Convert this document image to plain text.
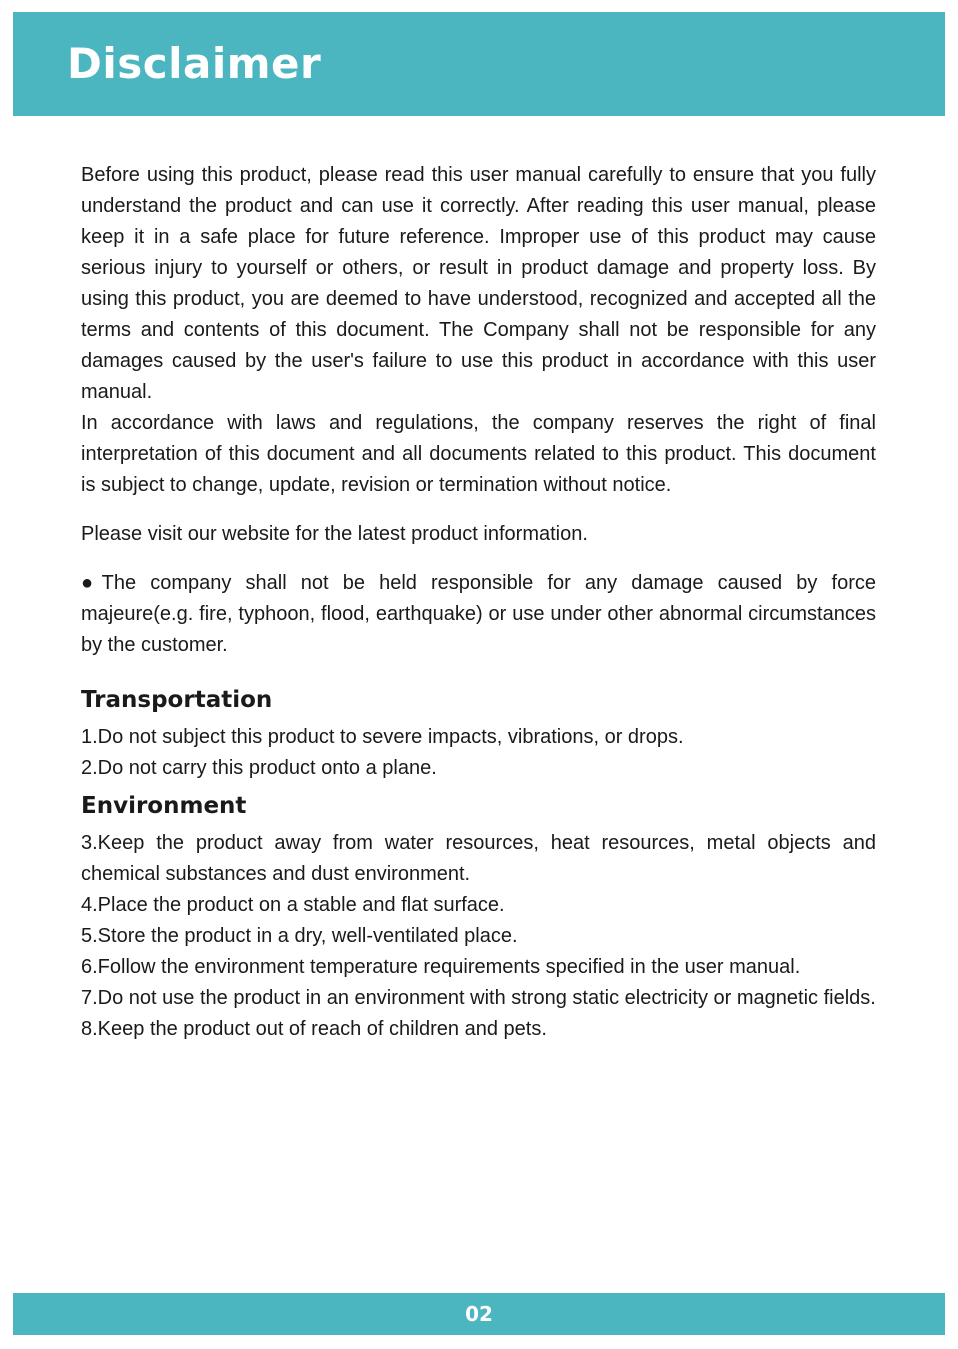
Disclaimer

Before using this product, please read this user manual carefully to ensure that you fully understand the product and can use it correctly. After reading this user manual, please keep it in a safe place for future reference. Improper use of this product may cause serious injury to yourself or others, or result in product damage and property loss. By using this product, you are deemed to have understood, recognized and accepted all the terms and contents of this document. The Company shall not be responsible for any damages caused by the user's failure to use this product in accordance with this user manual.

In accordance with laws and regulations, the company reserves the right of final interpretation of this document and all documents related to this product. This document is subject to change, update, revision or termination without notice.

Please visit our website for the latest product information.

●The company shall not be held responsible for any damage caused by force majeure(e.g. fire, typhoon, flood, earthquake) or use under other abnormal circumstances by the customer.

Transportation

1.Do not subject this product to severe impacts, vibrations, or drops.

2.Do not carry this product onto a plane.

Environment

3.Keep the product away from water resources, heat resources, metal objects and chemical substances and dust environment.

4.Place the product on a stable and flat surface.

5.Store the product in a dry, well-ventilated place.

6.Follow the environment temperature requirements specified in the user manual.

7.Do not use the product in an environment with strong static electricity or magnetic fields.

8.Keep the product out of reach of children and pets.

02
